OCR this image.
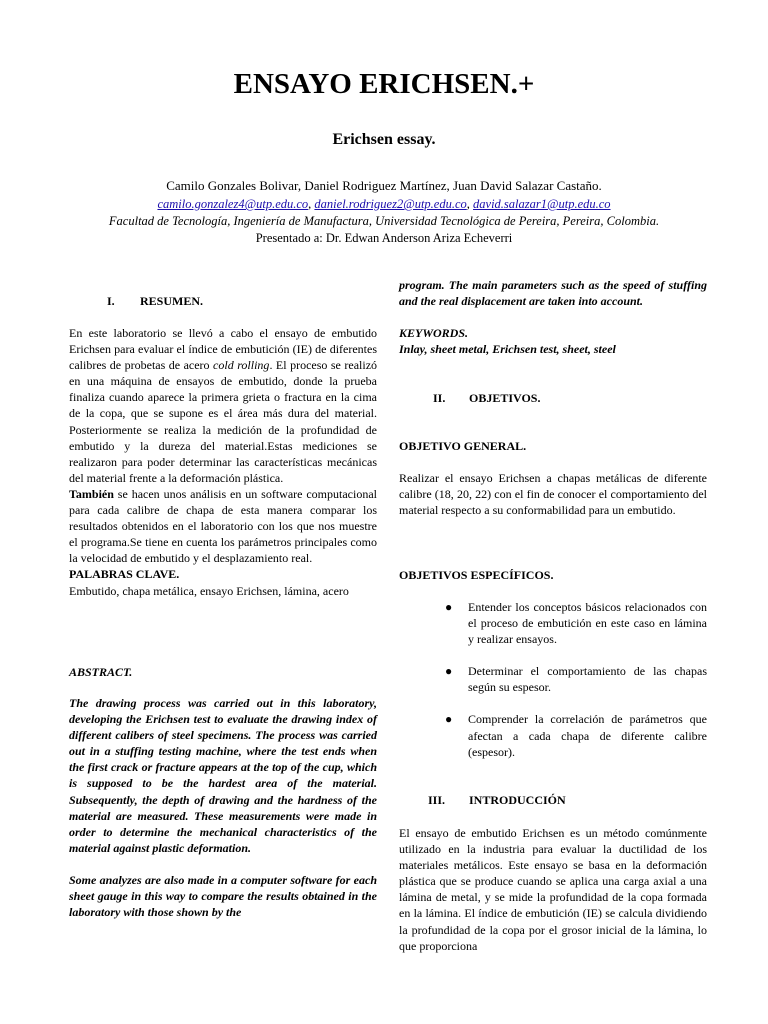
ENSAYO ERICHSEN.+
Erichsen essay.

Camilo Gonzales Bolivar, Daniel Rodriguez Martínez, Juan David Salazar Castaño.

camilo.gonzalez4@utp.edu.co, daniel.rodriguez2@utp.edu.co, david.salazar1@utp.edu.co

Facultad de Tecnología, Ingeniería de Manufactura, Universidad Tecnológica de Pereira, Pereira, Colombia.

Presentado a: Dr. Edwan Anderson Ariza Echeverri

I. RESUMEN.

En este laboratorio se llevó a cabo el ensayo de embutido Erichsen para evaluar el índice de embutición (IE) de diferentes calibres de probetas de acero cold rolling. El proceso se realizó en una máquina de ensayos de embutido, donde la prueba finaliza cuando aparece la primera grieta o fractura en la cima de la copa, que se supone es el área más dura del material. Posteriormente se realiza la medición de la profundidad de embutido y la dureza del material.Estas mediciones se realizaron para poder determinar las características mecánicas del material frente a la deformación plástica.

También se hacen unos análisis en un software computacional para cada calibre de chapa de esta manera comparar los resultados obtenidos en el laboratorio con los que nos muestre el programa.Se tiene en cuenta los parámetros principales como la velocidad de embutido y el desplazamiento real.

PALABRAS CLAVE.

Embutido, chapa metálica, ensayo Erichsen, lámina, acero

ABSTRACT.

The drawing process was carried out in this laboratory, developing the Erichsen test to evaluate the drawing index of different calibers of steel specimens. The process was carried out in a stuffing testing machine, where the test ends when the first crack or fracture appears at the top of the cup, which is supposed to be the hardest area of the material. Subsequently, the depth of drawing and the hardness of the material are measured. These measurements were made in order to determine the mechanical characteristics of the material against plastic deformation.

Some analyzes are also made in a computer software for each sheet gauge in this way to compare the results obtained in the laboratory with those shown by the

program. The main parameters such as the speed of stuffing and the real displacement are taken into account.

KEYWORDS.

Inlay, sheet metal, Erichsen test, sheet, steel

II. OBJETIVOS.
OBJETIVO GENERAL.
Realizar el ensayo Erichsen a chapas metálicas de diferente calibre (18, 20, 22) con el fin de conocer el comportamiento del material respecto a su conformabilidad para un embutido.
OBJETIVOS ESPECÍFICOS.
● Entender los conceptos básicos relacionados con el proceso de embutición en este caso en lámina y realizar ensayos.
● Determinar el comportamiento de las chapas según su espesor.
● Comprender la correlación de parámetros que afectan a cada chapa de diferente calibre (espesor).
III. INTRODUCCIÓN
El ensayo de embutido Erichsen es un método comúnmente utilizado en la industria para evaluar la ductilidad de los materiales metálicos. Este ensayo se basa en la deformación plástica que se produce cuando se aplica una carga axial a una lámina de metal, y se mide la profundidad de la copa formada en la lámina. El índice de embutición (IE) se calcula dividiendo la profundidad de la copa por el grosor inicial de la lámina, lo que proporciona
